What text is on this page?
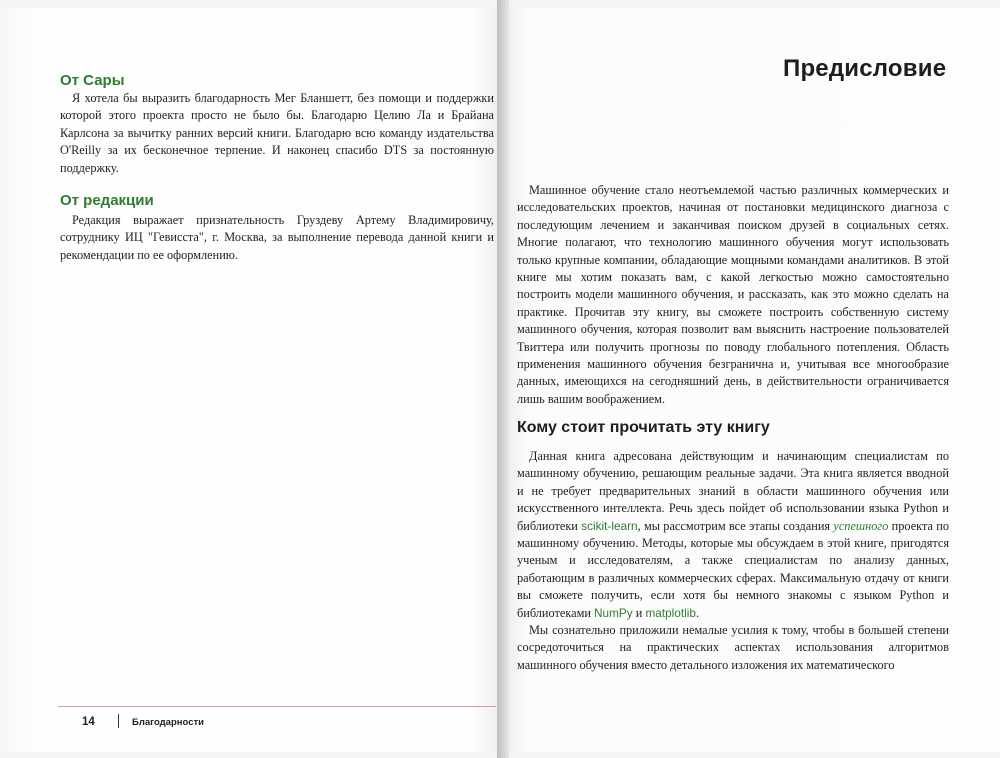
От Сары

Я хотела бы выразить благодарность Мег Бланшетт, без помощи и поддержки которой этого проекта просто не было бы. Благодарю Целию Ла и Брайана Карлсона за вычитку ранних версий книги. Благодарю всю команду издательства O'Reilly за их бесконечное терпение. И наконец спасибо DTS за постоянную поддержку.

От редакции

Редакция выражает признательность Груздеву Артему Владимировичу, сотруднику ИЦ "Гевисста", г. Москва, за выполнение перевода данной книги и рекомендации по ее оформлению.

14	Благодарности

Предисловие

Машинное обучение стало неотъемлемой частью различных коммерческих и исследовательских проектов, начиная от постановки медицинского диагноза с последующим лечением и заканчивая поиском друзей в социальных сетях. Многие полагают, что технологию машинного обучения могут использовать только крупные компании, обладающие мощными командами аналитиков. В этой книге мы хотим показать вам, с какой легкостью можно самостоятельно построить модели машинного обучения, и рассказать, как это можно сделать на практике. Прочитав эту книгу, вы сможете построить собственную систему машинного обучения, которая позволит вам выяснить настроение пользователей Твиттера или получить прогнозы по поводу глобального потепления. Область применения машинного обучения безгранична и, учитывая все многообразие данных, имеющихся на сегодняшний день, в действительности ограничивается лишь вашим воображением.

Кому стоит прочитать эту книгу

Данная книга адресована действующим и начинающим специалистам по машинному обучению, решающим реальные задачи. Эта книга является вводной и не требует предварительных знаний в области машинного обучения или искусственного интеллекта. Речь здесь пойдет об использовании языка Python и библиотеки scikit-learn, мы рассмотрим все этапы создания успешного проекта по машинному обучению. Методы, которые мы обсуждаем в этой книге, пригодятся ученым и исследователям, а также специалистам по анализу данных, работающим в различных коммерческих сферах. Максимальную отдачу от книги вы сможете получить, если хотя бы немного знакомы с языком Python и библиотеками NumPy и matplotlib.

Мы сознательно приложили немалые усилия к тому, чтобы в большей степени сосредоточиться на практических аспектах использования алгоритмов машинного обучения вместо детального изложения их математического
